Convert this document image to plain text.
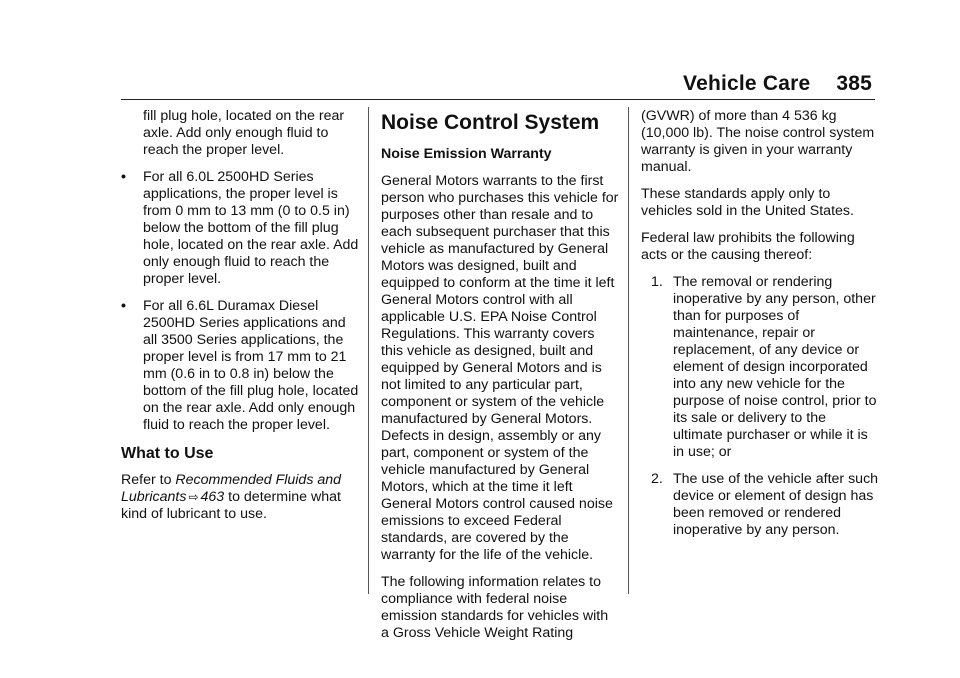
Vehicle Care 385

fill plug hole, located on the rear axle. Add only enough fluid to reach the proper level.

•	For all 6.0L 2500HD Series applications, the proper level is from 0 mm to 13 mm (0 to 0.5 in) below the bottom of the fill plug hole, located on the rear axle. Add only enough fluid to reach the proper level.
•	For all 6.6L Duramax Diesel 2500HD Series applications and all 3500 Series applications, the proper level is from 17 mm to 21 mm (0.6 in to 0.8 in) below the bottom of the fill plug hole, located on the rear axle. Add only enough fluid to reach the proper level.
What to Use

Refer to Recommended Fluids and Lubricants ⇨ 463 to determine what kind of lubricant to use.

Noise Control System
Noise Emission Warranty

General Motors warrants to the first person who purchases this vehicle for purposes other than resale and to each subsequent purchaser that this vehicle as manufactured by General Motors was designed, built and equipped to conform at the time it left General Motors control with all applicable U.S. EPA Noise Control Regulations. This warranty covers this vehicle as designed, built and equipped by General Motors and is not limited to any particular part, component or system of the vehicle manufactured by General Motors. Defects in design, assembly or any part, component or system of the vehicle manufactured by General Motors, which at the time it left General Motors control caused noise emissions to exceed Federal standards, are covered by the warranty for the life of the vehicle.

The following information relates to compliance with federal noise emission standards for vehicles with a Gross Vehicle Weight Rating

(GVWR) of more than 4 536 kg (10,000 lb). The noise control system warranty is given in your warranty manual.

These standards apply only to vehicles sold in the United States.

Federal law prohibits the following acts or the causing thereof:

1. The removal or rendering inoperative by any person, other than for purposes of maintenance, repair or replacement, of any device or element of design incorporated into any new vehicle for the purpose of noise control, prior to its sale or delivery to the ultimate purchaser or while it is in use; or
2. The use of the vehicle after such device or element of design has been removed or rendered inoperative by any person.
